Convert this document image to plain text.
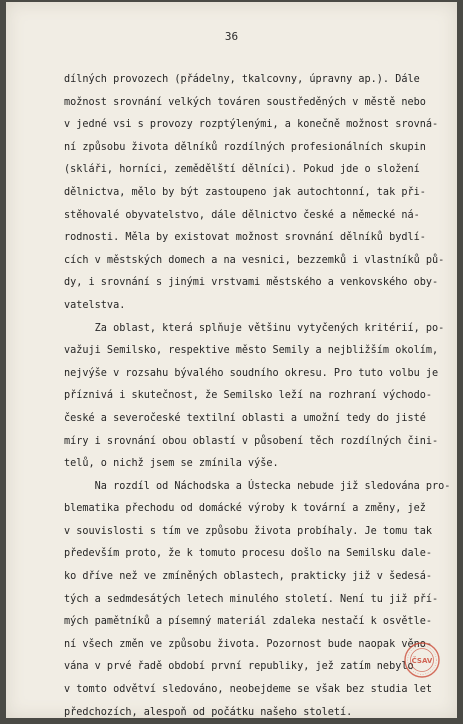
36
dílných provozech (přádelny, tkalcovny, úpravny ap.). Dále
možnost srovnání velkých továren soustředěných v městě nebo
v jedné vsi s provozy rozptýlenými, a konečně možnost srovná-
ní způsobu života dělníků rozdílných profesionálních skupin
(skláři, horníci, zemědělští dělníci). Pokud jde o složení
dělnictva, mělo by být zastoupeno jak autochtonní, tak při-
stěhovalé obyvatelstvo, dále dělnictvo české a německé ná-
rodnosti. Měla by existovat možnost srovnání dělníků bydlí-
cích v městských domech a na vesnici, bezzemků i vlastníků pů-
dy, i srovnání s jinými vrstvami městského a venkovského oby-
vatelstva.
Za oblast, která splňuje většinu vytyčených kritérií, po-
važuji Semilsko, respektive město Semily a nejbližším okolím,
nejvýše v rozsahu bývalého soudního okresu. Pro tuto volbu je
příznivá i skutečnost, že Semilsko leží na rozhraní východo-
české a severočeské textilní oblasti a umožní tedy do jisté
míry i srovnání obou oblastí v působení těch rozdílných čini-
telů, o nichž jsem se zmínila výše.
Na rozdíl od Náchodska a Ústecka nebude již sledována pro-
blematika přechodu od domácké výroby k tovární a změny, jež
v souvislosti s tím ve způsobu života probíhaly. Je tomu tak
především proto, že k tomuto procesu došlo na Semilsku dale-
ko dříve než ve zmíněných oblastech, prakticky již v šedesá-
tých a sedmdesátých letech minulého století. Není tu již pří-
mých pamětníků a písemný materiál zdaleka nestačí k osvětle-
ní všech změn ve způsobu života. Pozornost bude naopak věno-
vána v prvé řadě období první republiky, jež zatím nebylo
v tomto odvětví sledováno, neobejdeme se však bez studia let
předchozích, alespoň od počátku našeho století.
ČSAV
